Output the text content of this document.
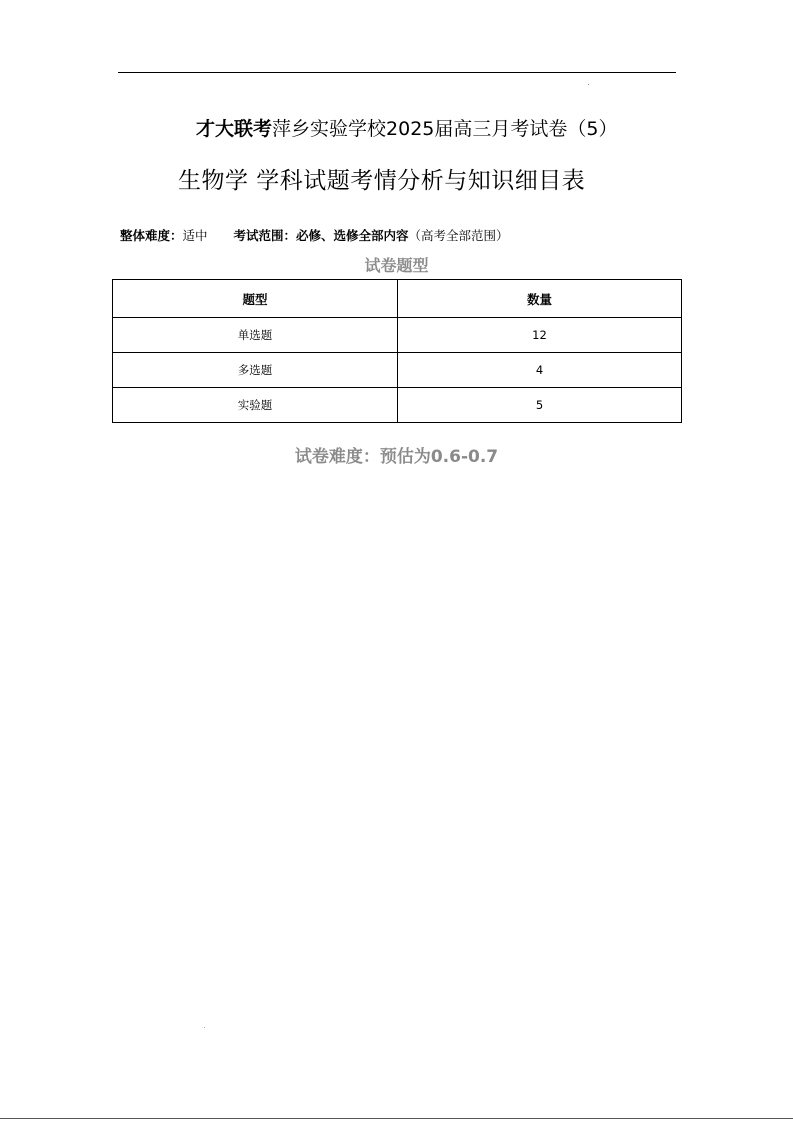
才大联考萍乡实验学校2025届高三月考试卷（5）
生物学 学科试题考情分析与知识细目表
整体难度：适中 考试范围：必修、选修全部内容（高考全部范围）
试卷题型
题型	数量
单选题	12
多选题	4
实验题	5
试卷难度：预估为0.6-0.7
